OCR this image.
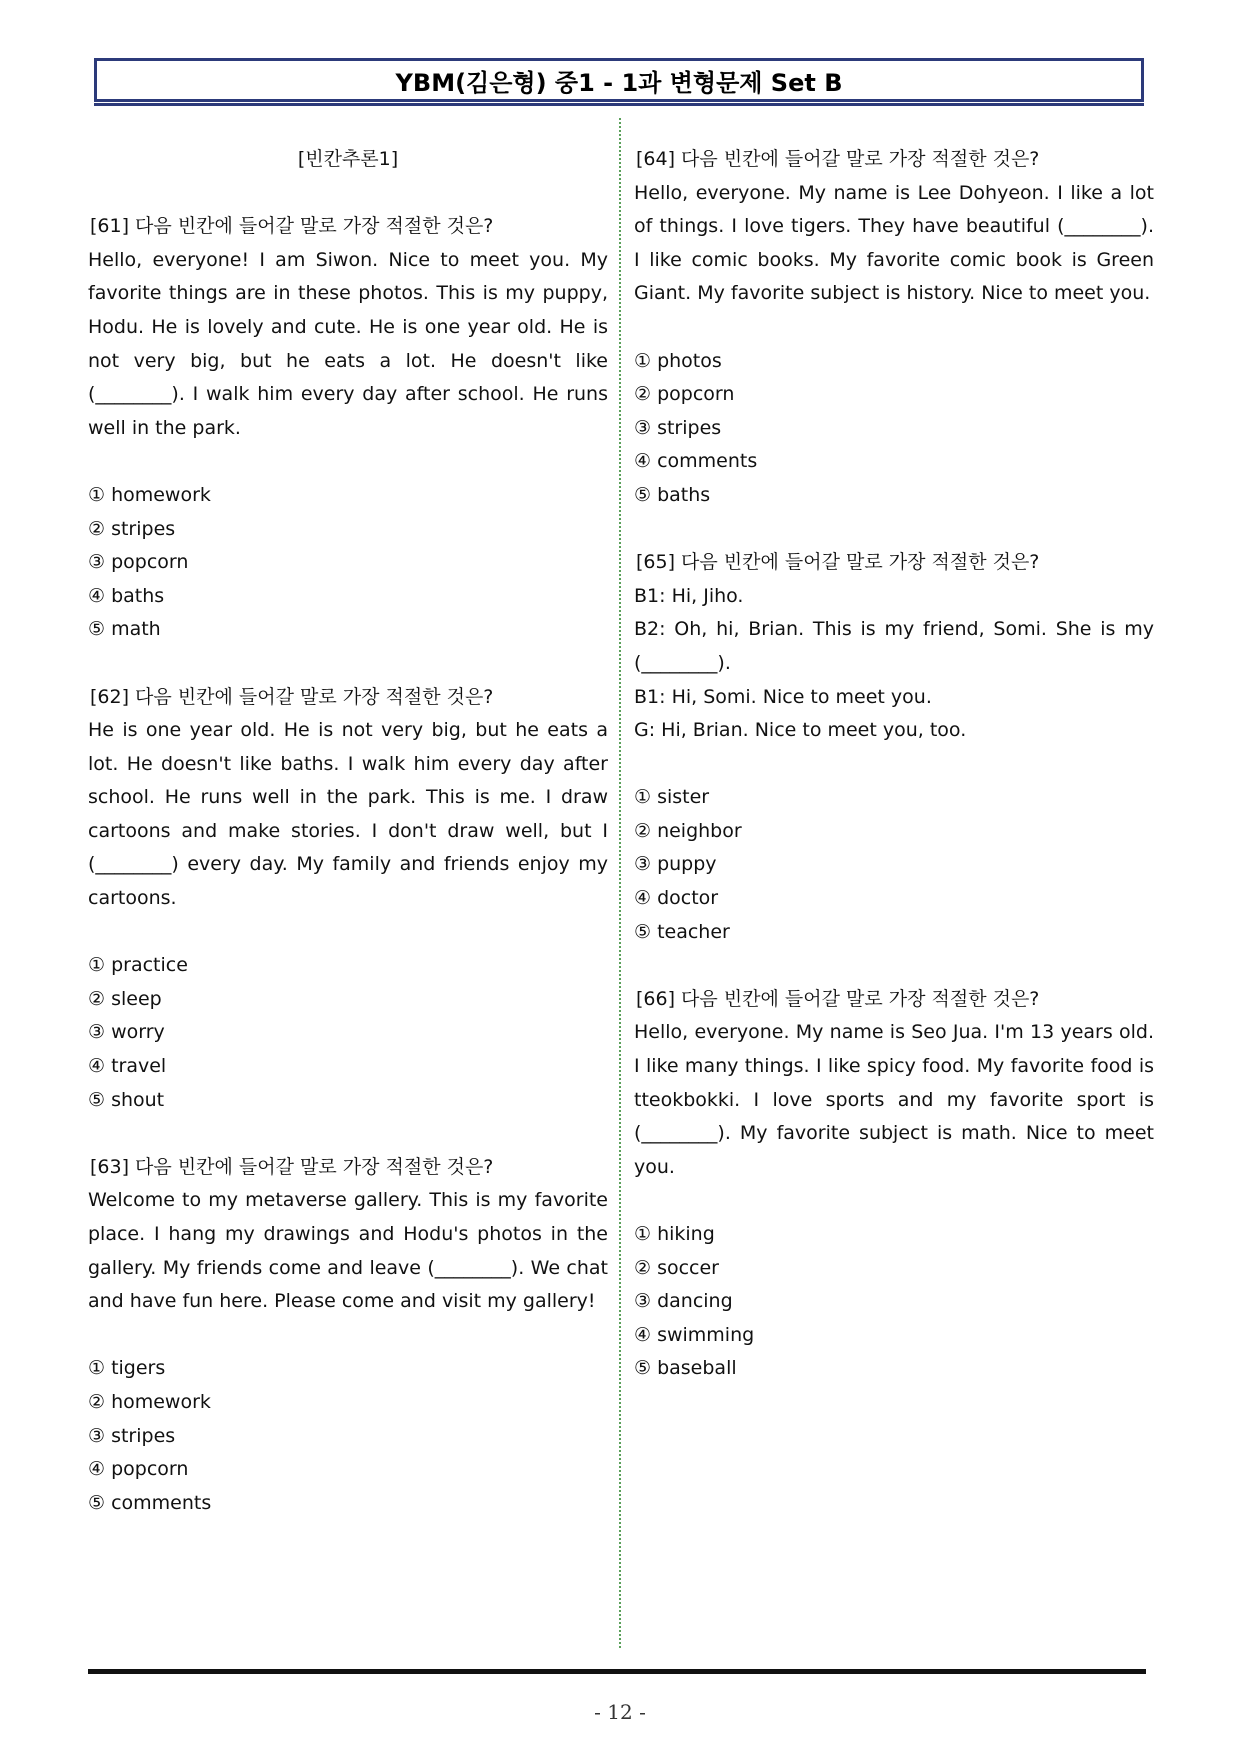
YBM(김은형) 중1 - 1과 변형문제 Set B
[빈칸추론1]
[61] 다음 빈칸에 들어갈 말로 가장 적절한 것은?
Hello, everyone! I am Siwon. Nice to meet you. My favorite things are in these photos. This is my puppy, Hodu. He is lovely and cute. He is one year old. He is not very big, but he eats a lot. He doesn't like (________). I walk him every day after school. He runs well in the park.
① homework
② stripes
③ popcorn
④ baths
⑤ math
[62] 다음 빈칸에 들어갈 말로 가장 적절한 것은?
He is one year old. He is not very big, but he eats a lot. He doesn't like baths. I walk him every day after school. He runs well in the park. This is me. I draw cartoons and make stories. I don't draw well, but I (________) every day. My family and friends enjoy my cartoons.
① practice
② sleep
③ worry
④ travel
⑤ shout
[63] 다음 빈칸에 들어갈 말로 가장 적절한 것은?
Welcome to my metaverse gallery. This is my favorite place. I hang my drawings and Hodu's photos in the gallery. My friends come and leave (________). We chat and have fun here. Please come and visit my gallery!
① tigers
② homework
③ stripes
④ popcorn
⑤ comments
[64] 다음 빈칸에 들어갈 말로 가장 적절한 것은?
Hello, everyone. My name is Lee Dohyeon. I like a lot of things. I love tigers. They have beautiful (________). I like comic books. My favorite comic book is Green Giant. My favorite subject is history. Nice to meet you.
① photos
② popcorn
③ stripes
④ comments
⑤ baths
[65] 다음 빈칸에 들어갈 말로 가장 적절한 것은?
B1: Hi, Jiho.
B2: Oh, hi, Brian. This is my friend, Somi. She is my (________).
B1: Hi, Somi. Nice to meet you.
G: Hi, Brian. Nice to meet you, too.
① sister
② neighbor
③ puppy
④ doctor
⑤ teacher
[66] 다음 빈칸에 들어갈 말로 가장 적절한 것은?
Hello, everyone. My name is Seo Jua. I'm 13 years old. I like many things. I like spicy food. My favorite food is tteokbokki. I love sports and my favorite sport is (________). My favorite subject is math. Nice to meet you.
① hiking
② soccer
③ dancing
④ swimming
⑤ baseball
- 12 -
